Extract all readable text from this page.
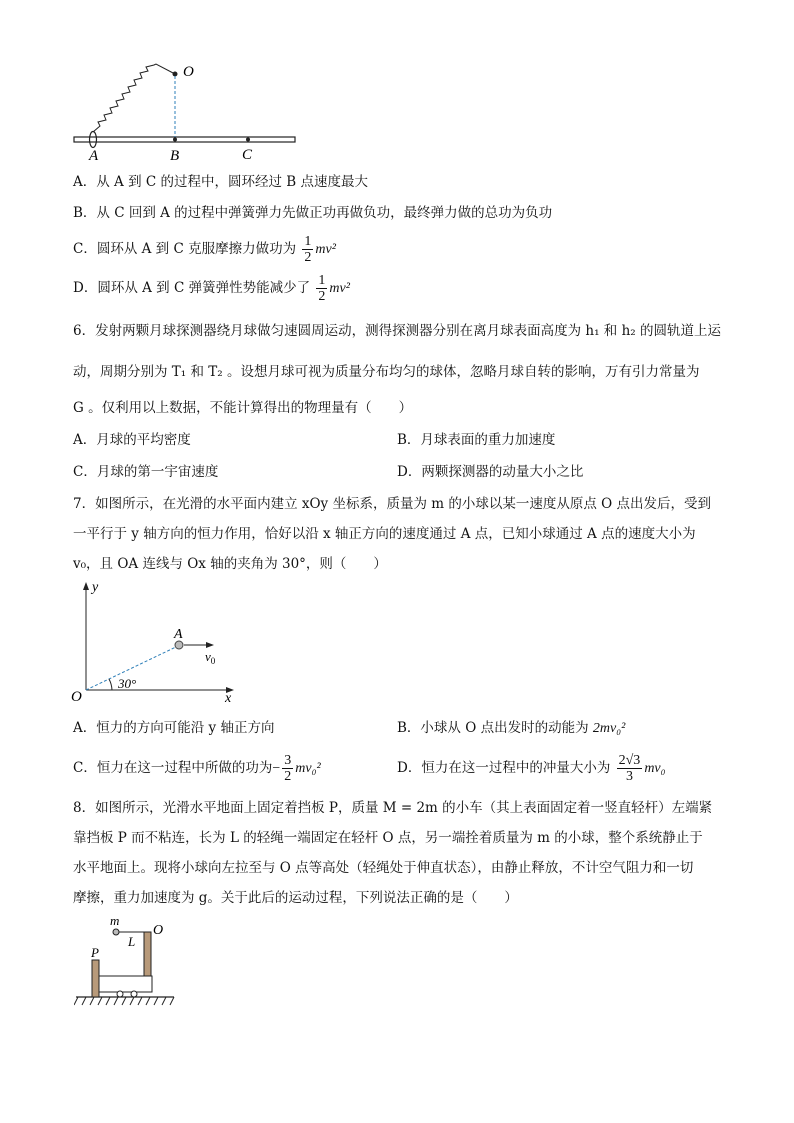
O
A	B	C
A．从 A 到 C 的过程中，圆环经过 B 点速度最大
B．从 C 回到 A 的过程中弹簧弹力先做正功再做负功，最终弹力做的总功为负功
C．圆环从 A 到 C 克服摩擦力做功为 $\frac{1}{2} mv^2$
D．圆环从 A 到 C 弹簧弹性势能减少了 $\frac{1}{2} mv^2$
6．发射两颗月球探测器绕月球做匀速圆周运动，测得探测器分别在离月球表面高度为 h₁ 和 h₂ 的圆轨道上运
动，周期分别为 T₁ 和 T₂ 。设想月球可视为质量分布均匀的球体，忽略月球自转的影响，万有引力常量为
G 。仅利用以上数据，不能计算得出的物理量有（　　）
A．月球的平均密度	B．月球表面的重力加速度
C．月球的第一宇宙速度	D．两颗探测器的动量大小之比
7．如图所示，在光滑的水平面内建立 xOy 坐标系，质量为 m 的小球以某一速度从原点 O 点出发后，受到
一平行于 y 轴方向的恒力作用，恰好以沿 x 轴正方向的速度通过 A 点，已知小球通过 A 点的速度大小为
v₀，且 OA 连线与 Ox 轴的夹角为 30°，则（　　）
y
x
O
A
$v_0$
30°
A．恒力的方向可能沿 y 轴正方向	B．小球从 O 点出发时的动能为 2mv₀²
C．恒力在这一过程中所做的功为− $\frac{3}{2} mv_0^2$	D．恒力在这一过程中的冲量大小为 $\frac{2√3}{3} mv_0$
8．如图所示，光滑水平地面上固定着挡板 P，质量 M = 2m 的小车（其上表面固定着一竖直轻杆）左端紧
靠挡板 P 而不粘连，长为 L 的轻绳一端固定在轻杆 O 点，另一端拴着质量为 m 的小球，整个系统静止于
水平地面上。现将小球向左拉至与 O 点等高处（轻绳处于伸直状态），由静止释放，不计空气阻力和一切
摩擦，重力加速度为 g。关于此后的运动过程，下列说法正确的是（　　）
m
L
O
P
